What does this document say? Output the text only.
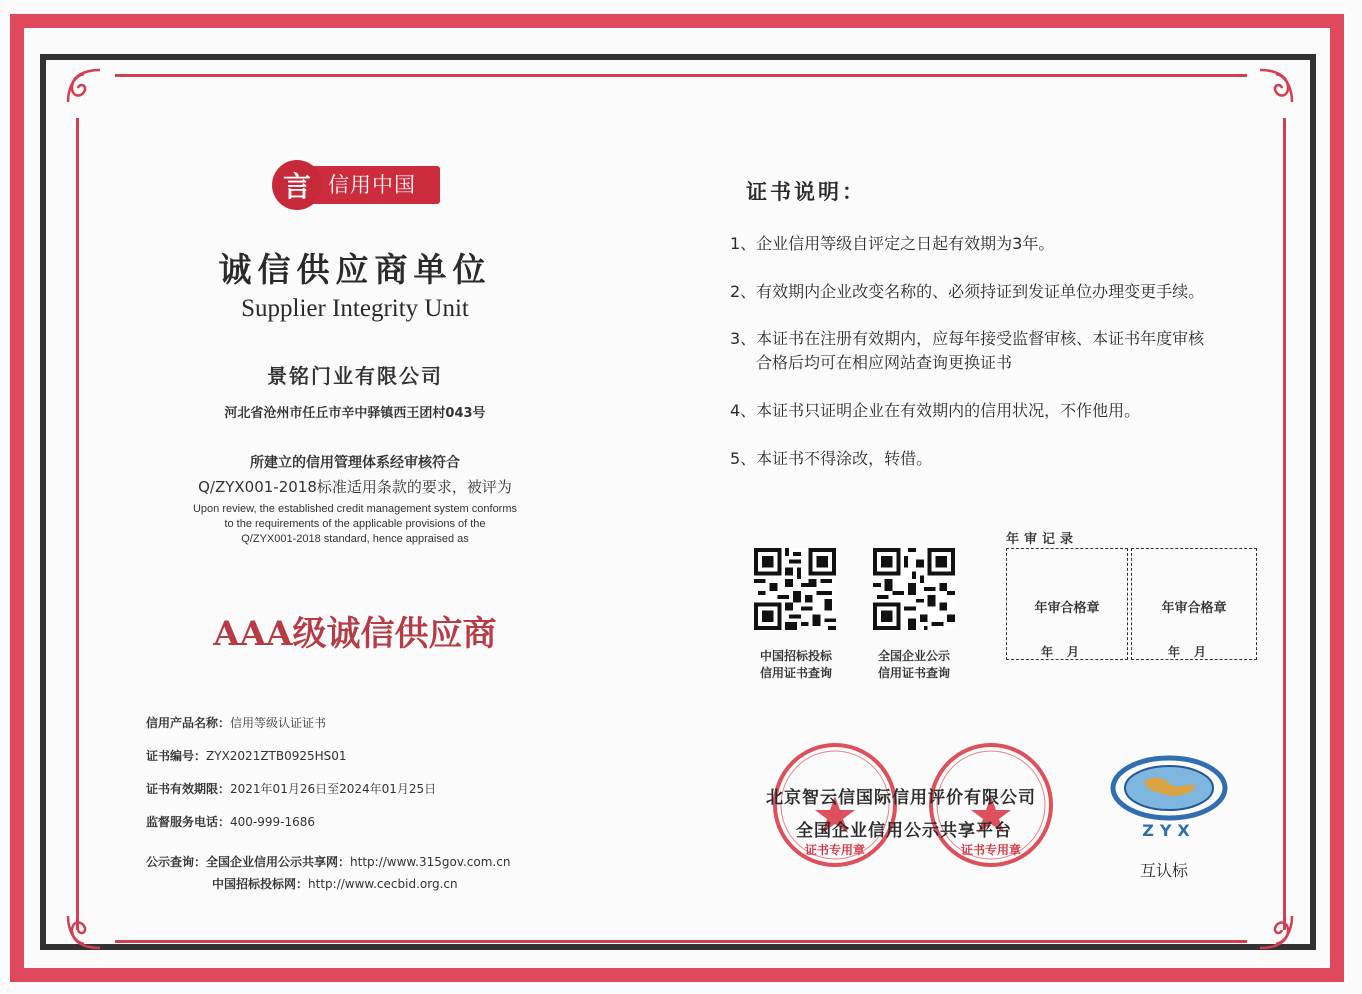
信用中国
言
诚信供应商单位
Supplier Integrity Unit
景铭门业有限公司
河北省沧州市任丘市辛中驿镇西王团村043号
所建立的信用管理体系经审核符合
Q/ZYX001-2018标准适用条款的要求，被评为
Upon review, the established credit management system conforms
to the requirements of the applicable provisions of the
Q/ZYX001-2018 standard, hence appraised as
AAA级诚信供应商
信用产品名称：信用等级认证证书
证书编号：ZYX2021ZTB0925HS01
证书有效期限：2021年01月26日至2024年01月25日
监督服务电话：400-999-1686
公示查询：全国企业信用公示共享网：http://www.315gov.com.cn
中国招标投标网：http://www.cecbid.org.cn
证书说明：
1、企业信用等级自评定之日起有效期为3年。
2、有效期内企业改变名称的、必须持证到发证单位办理变更手续。
3、本证书在注册有效期内，应每年接受监督审核、本证书年度审核
合格后均可在相应网站查询更换证书
4、本证书只证明企业在有效期内的信用状况，不作他用。
5、本证书不得涂改，转借。
中国招标投标
信用证书查询
全国企业公示
信用证书查询
年审记录
年审合格章
年月
年审合格章
年月
证书专用章	证书专用章
北京智云信国际信用评价有限公司
全国企业信用公示共享平台	ZYX
互认标
